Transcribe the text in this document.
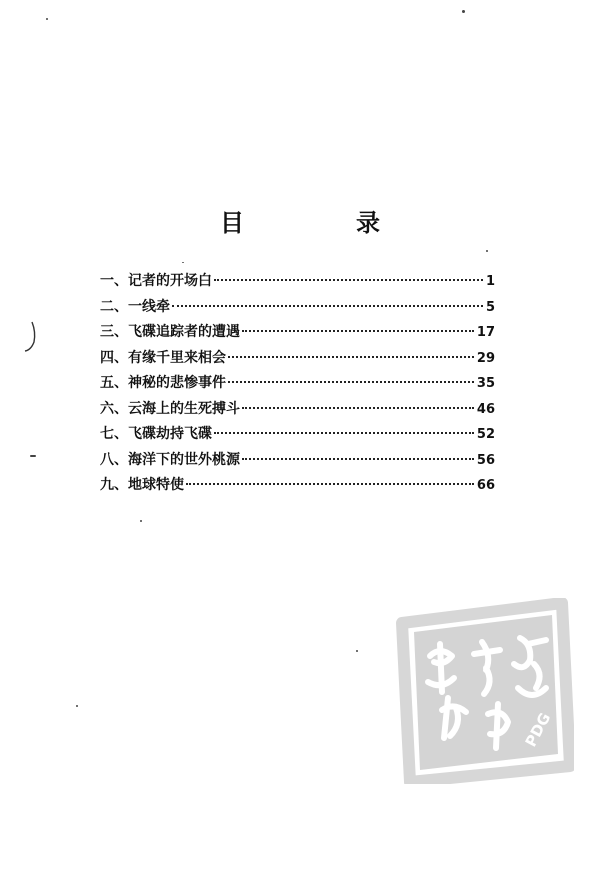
目　录
一、记者的开场白	1
二、一线牵	5
三、飞碟追踪者的遭遇	17
四、有缘千里来相会	29
五、神秘的悲惨事件	35
六、云海上的生死搏斗	46
七、飞碟劫持飞碟	52
八、海洋下的世外桃源	56
九、地球特使	66
PDG
